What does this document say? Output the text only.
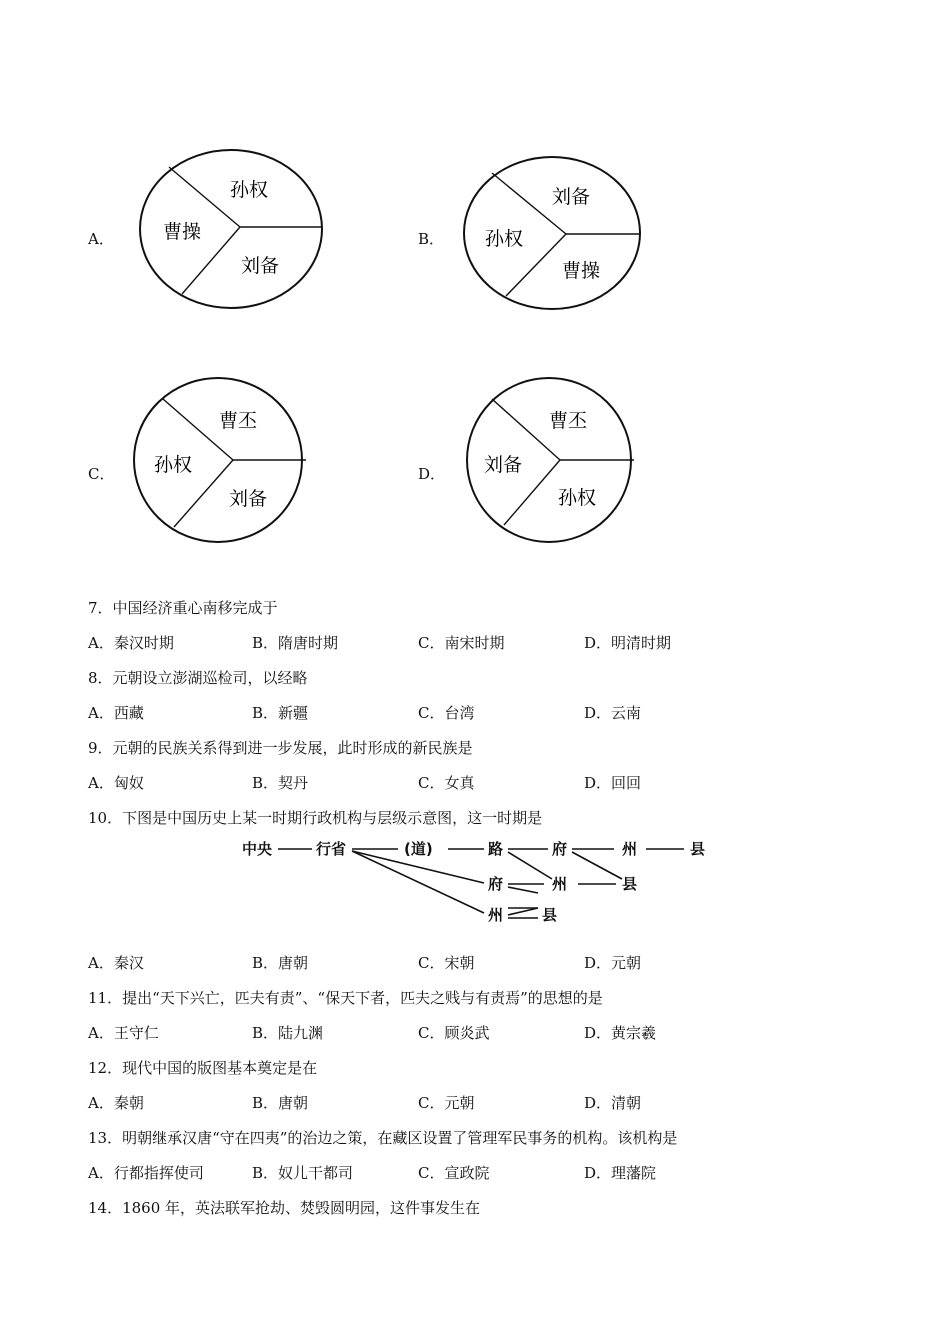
A．
孙权
曹操
刘备
B．
刘备
孙权
曹操
C．
曹丕
孙权
刘备
D．
曹丕
刘备
孙权
7．中国经济重心南移完成于
A．秦汉时期	B．隋唐时期	C．南宋时期	D．明清时期
8．元朝设立澎湖巡检司，以经略
A．西藏	B．新疆	C．台湾	D．云南
9．元朝的民族关系得到进一步发展，此时形成的新民族是
A．匈奴	B．契丹	C．女真	D．回回
10．下图是中国历史上某一时期行政机构与层级示意图，这一时期是
中央	行省	(道)	路	府	州	县
府	州	县
州	县
A．秦汉	B．唐朝	C．宋朝	D．元朝
11．提出“天下兴亡，匹夫有责”、“保天下者，匹夫之贱与有责焉”的思想的是
A．王守仁	B．陆九渊	C．顾炎武	D．黄宗羲
12．现代中国的版图基本奠定是在
A．秦朝	B．唐朝	C．元朝	D．清朝
13．明朝继承汉唐“守在四夷”的治边之策，在藏区设置了管理军民事务的机构。该机构是
A．行都指挥使司	B．奴儿干都司	C．宣政院	D．理藩院
14．1860 年，英法联军抢劫、焚毁圆明园，这件事发生在
